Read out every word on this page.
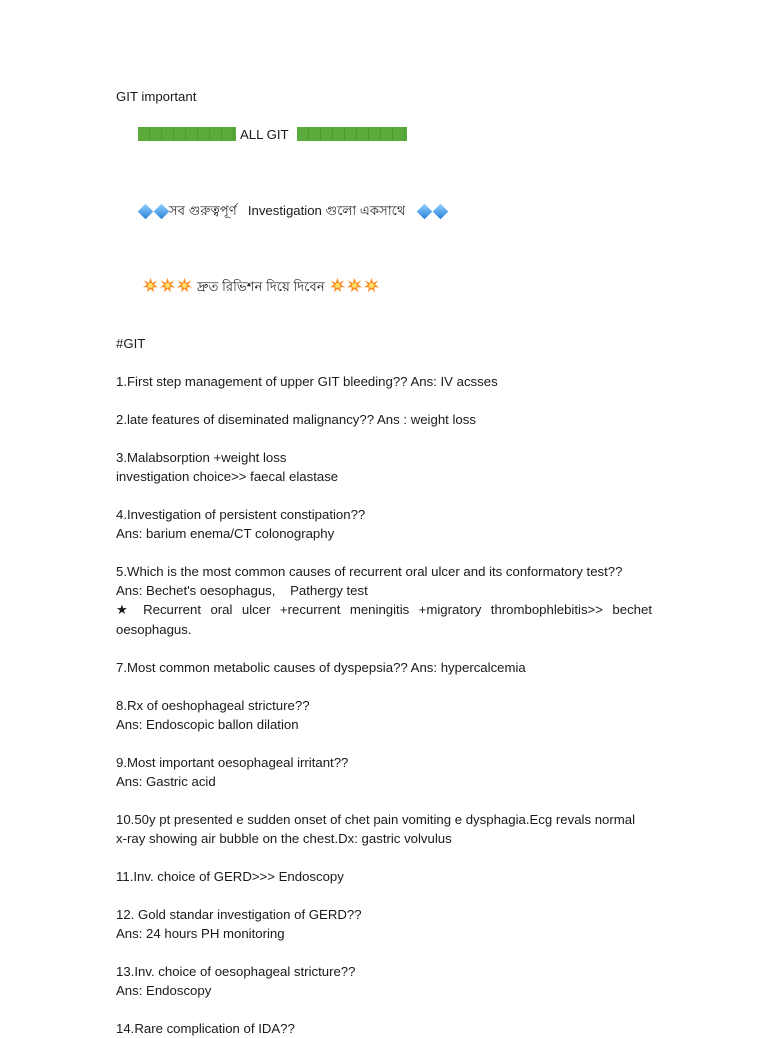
GIT important

ALL GIT

সব গুরুত্বপূর্ণ Investigation গুলো একসাথে

দ্রুত রিভিশন দিয়ে দিবেন

#GIT
1.First step management of upper GIT bleeding?? Ans: IV acsses
2.late features of diseminated malignancy?? Ans : weight loss
3.Malabsorption +weight loss
investigation choice>> faecal elastase
4.Investigation of persistent constipation??
Ans: barium enema/CT colonography
5.Which is the most common causes of recurrent oral ulcer and its conformatory test??
Ans: Bechet's oesophagus,    Pathergy test
★ Recurrent oral ulcer +recurrent meningitis +migratory thrombophlebitis>> bechet oesophagus.
7.Most common metabolic causes of dyspepsia?? Ans: hypercalcemia
8.Rx of oeshophageal stricture??
Ans: Endoscopic ballon dilation
9.Most important oesophageal irritant??
Ans: Gastric acid
10.50y pt presented e sudden onset of chet pain vomiting e dysphagia.Ecg revals normal
x-ray showing air bubble on the chest.Dx: gastric volvulus
11.Inv. choice of GERD>>> Endoscopy
12. Gold standar investigation of GERD??
Ans: 24 hours PH monitoring
13.Inv. choice of oesophageal stricture??
Ans: Endoscopy
14.Rare complication of IDA??
